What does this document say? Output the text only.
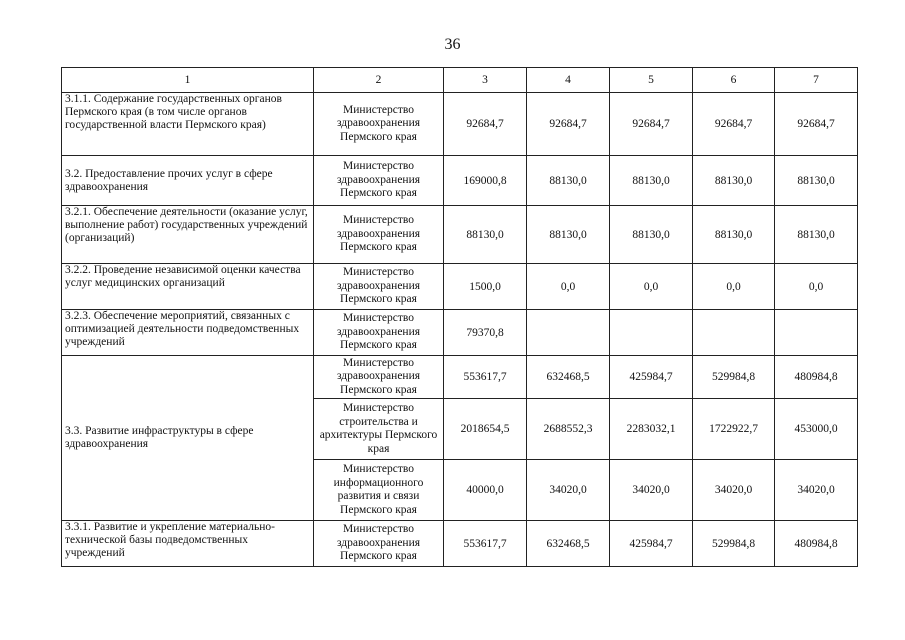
36
1	2	3	4	5	6	7
3.1.1. Содержание государственных органов Пермского края (в том числе органов государственной власти Пермского края)	Министерство здравоохранения Пермского края	92684,7	92684,7	92684,7	92684,7	92684,7
3.2. Предоставление прочих услуг в сфере здравоохранения	Министерство здравоохранения Пермского края	169000,8	88130,0	88130,0	88130,0	88130,0
3.2.1. Обеспечение деятельности (оказание услуг, выполнение работ) государственных учреждений (организаций)	Министерство здравоохранения Пермского края	88130,0	88130,0	88130,0	88130,0	88130,0
3.2.2. Проведение независимой оценки качества услуг медицинских организаций	Министерство здравоохранения Пермского края	1500,0	0,0	0,0	0,0	0,0
3.2.3. Обеспечение мероприятий, связанных с оптимизацией деятельности подведомственных учреждений	Министерство здравоохранения Пермского края	79370,8				
3.3. Развитие инфраструктуры в сфере здравоохранения	Министерство здравоохранения Пермского края	553617,7	632468,5	425984,7	529984,8	480984,8
	Министерство строительства и архитектуры Пермского края	2018654,5	2688552,3	2283032,1	1722922,7	453000,0
	Министерство информационного развития и связи Пермского края	40000,0	34020,0	34020,0	34020,0	34020,0
3.3.1. Развитие и укрепление материально-технической базы подведомственных учреждений	Министерство здравоохранения Пермского края	553617,7	632468,5	425984,7	529984,8	480984,8
